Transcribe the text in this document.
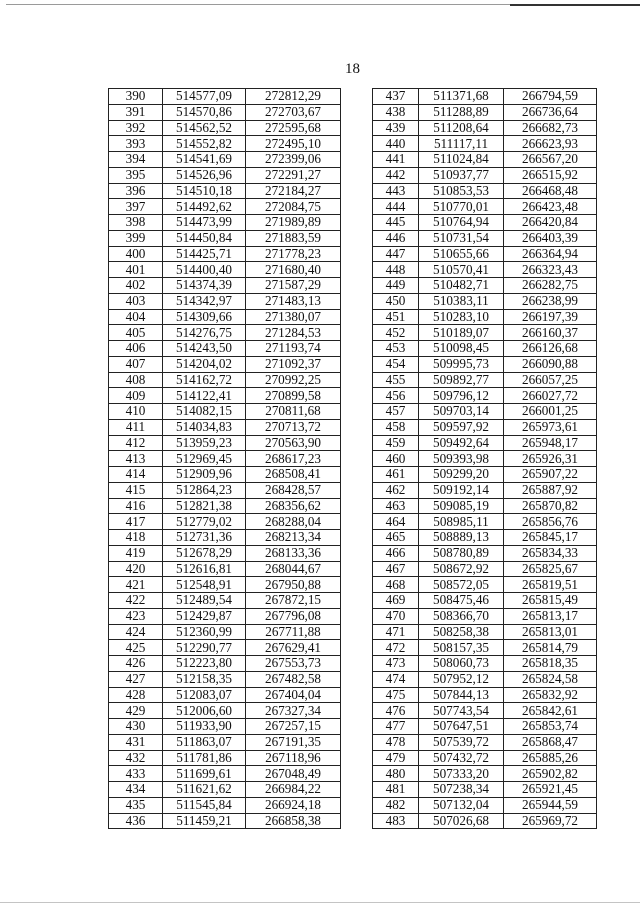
18
390	514577,09	272812,29
391	514570,86	272703,67
392	514562,52	272595,68
393	514552,82	272495,10
394	514541,69	272399,06
395	514526,96	272291,27
396	514510,18	272184,27
397	514492,62	272084,75
398	514473,99	271989,89
399	514450,84	271883,59
400	514425,71	271778,23
401	514400,40	271680,40
402	514374,39	271587,29
403	514342,97	271483,13
404	514309,66	271380,07
405	514276,75	271284,53
406	514243,50	271193,74
407	514204,02	271092,37
408	514162,72	270992,25
409	514122,41	270899,58
410	514082,15	270811,68
411	514034,83	270713,72
412	513959,23	270563,90
413	512969,45	268617,23
414	512909,96	268508,41
415	512864,23	268428,57
416	512821,38	268356,62
417	512779,02	268288,04
418	512731,36	268213,34
419	512678,29	268133,36
420	512616,81	268044,67
421	512548,91	267950,88
422	512489,54	267872,15
423	512429,87	267796,08
424	512360,99	267711,88
425	512290,77	267629,41
426	512223,80	267553,73
427	512158,35	267482,58
428	512083,07	267404,04
429	512006,60	267327,34
430	511933,90	267257,15
431	511863,07	267191,35
432	511781,86	267118,96
433	511699,61	267048,49
434	511621,62	266984,22
435	511545,84	266924,18
436	511459,21	266858,38
437	511371,68	266794,59
438	511288,89	266736,64
439	511208,64	266682,73
440	511117,11	266623,93
441	511024,84	266567,20
442	510937,77	266515,92
443	510853,53	266468,48
444	510770,01	266423,48
445	510764,94	266420,84
446	510731,54	266403,39
447	510655,66	266364,94
448	510570,41	266323,43
449	510482,71	266282,75
450	510383,11	266238,99
451	510283,10	266197,39
452	510189,07	266160,37
453	510098,45	266126,68
454	509995,73	266090,88
455	509892,77	266057,25
456	509796,12	266027,72
457	509703,14	266001,25
458	509597,92	265973,61
459	509492,64	265948,17
460	509393,98	265926,31
461	509299,20	265907,22
462	509192,14	265887,92
463	509085,19	265870,82
464	508985,11	265856,76
465	508889,13	265845,17
466	508780,89	265834,33
467	508672,92	265825,67
468	508572,05	265819,51
469	508475,46	265815,49
470	508366,70	265813,17
471	508258,38	265813,01
472	508157,35	265814,79
473	508060,73	265818,35
474	507952,12	265824,58
475	507844,13	265832,92
476	507743,54	265842,61
477	507647,51	265853,74
478	507539,72	265868,47
479	507432,72	265885,26
480	507333,20	265902,82
481	507238,34	265921,45
482	507132,04	265944,59
483	507026,68	265969,72
